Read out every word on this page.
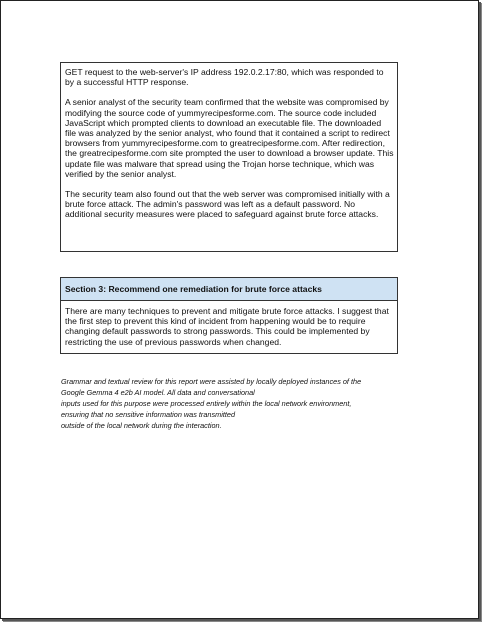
GET request to the web-server's IP address 192.0.2.17:80, which was responded to by a successful HTTP response.

A senior analyst of the security team confirmed that the website was compromised by modifying the source code of yummyrecipesforme.com. The source code included JavaScript which prompted clients to download an executable file. The downloaded file was analyzed by the senior analyst, who found that it contained a script to redirect browsers from yummyrecipesforme.com to greatrecipesforme.com. After redirection, the greatrecipesforme.com site prompted the user to download a browser update. This update file was malware that spread using the Trojan horse technique, which was verified by the senior analyst.

The security team also found out that the web server was compromised initially with a brute force attack. The admin's password was left as a default password. No additional security measures were placed to safeguard against brute force attacks.

Section 3: Recommend one remediation for brute force attacks

There are many techniques to prevent and mitigate brute force attacks. I suggest that the first step to prevent this kind of incident from happening would be to require changing default passwords to strong passwords. This could be implemented by restricting the use of previous passwords when changed.

Grammar and textual review for this report were assisted by locally deployed instances of the
Google Gemma 4 e2b AI model. All data and conversational
inputs used for this purpose were processed entirely within the local network environment,
ensuring that no sensitive information was transmitted
outside of the local network during the interaction.
